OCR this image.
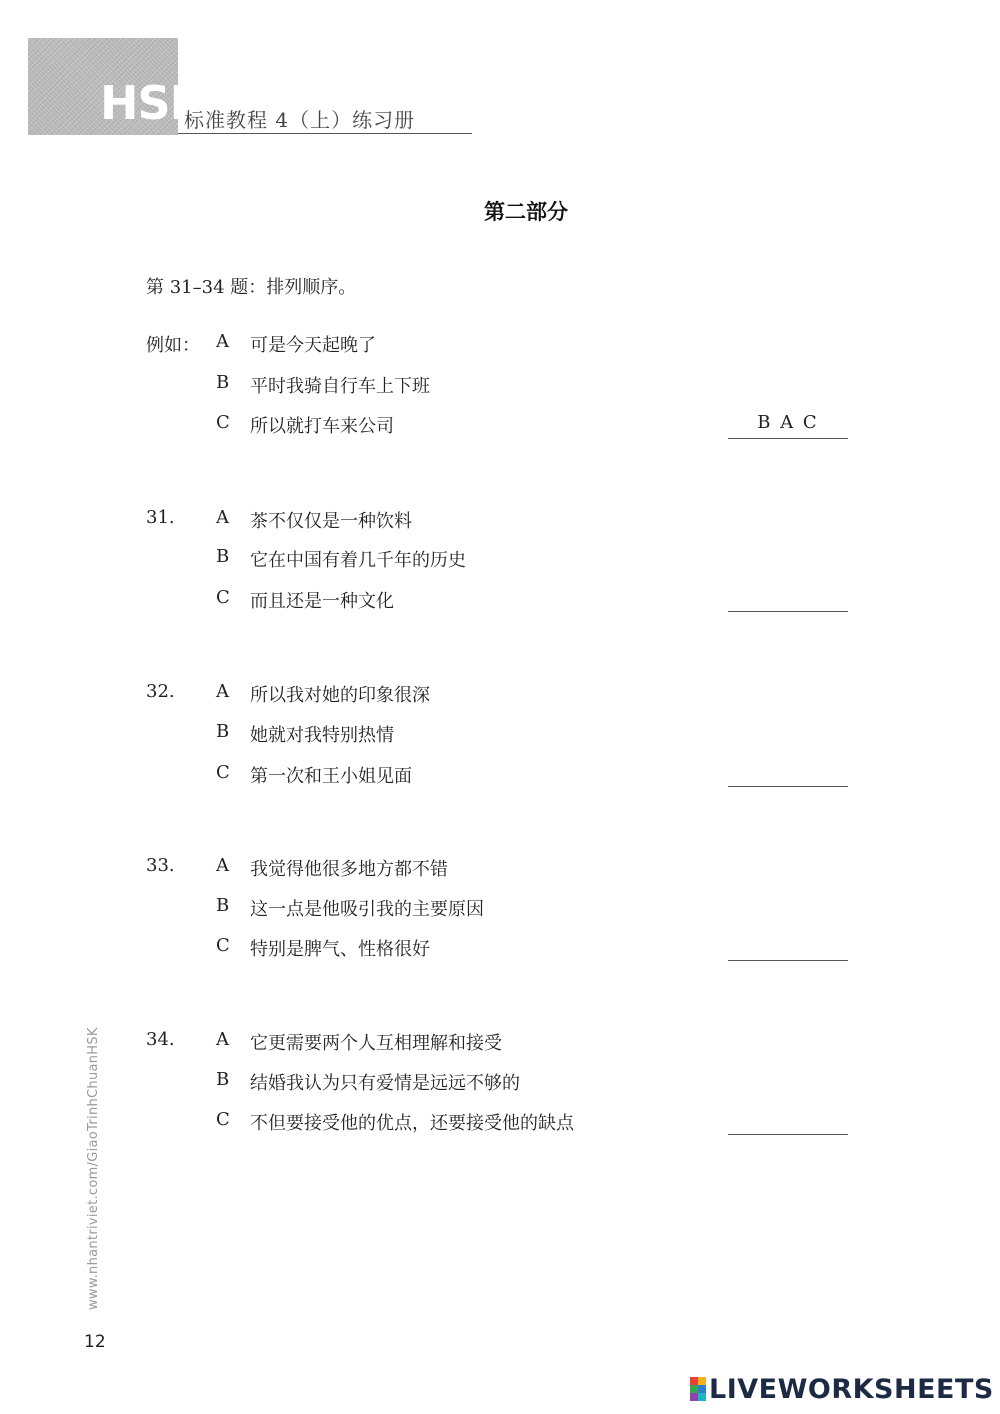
HSK
标准教程 4（上）练习册
第二部分
第 31–34 题：排列顺序。
例如： A 可是今天起晚了
B 平时我骑自行车上下班
C 所以就打车来公司	B A C
31. A 茶不仅仅是一种饮料
B 它在中国有着几千年的历史
C 而且还是一种文化
32. A 所以我对她的印象很深
B 她就对我特别热情
C 第一次和王小姐见面
33. A 我觉得他很多地方都不错
B 这一点是他吸引我的主要原因
C 特别是脾气、性格很好
34. A 它更需要两个人互相理解和接受
B 结婚我认为只有爱情是远远不够的
C 不但要接受他的优点，还要接受他的缺点
www.nhantriviet.com/GiaoTrinhChuanHSK
12
LIVEWORKSHEETS
